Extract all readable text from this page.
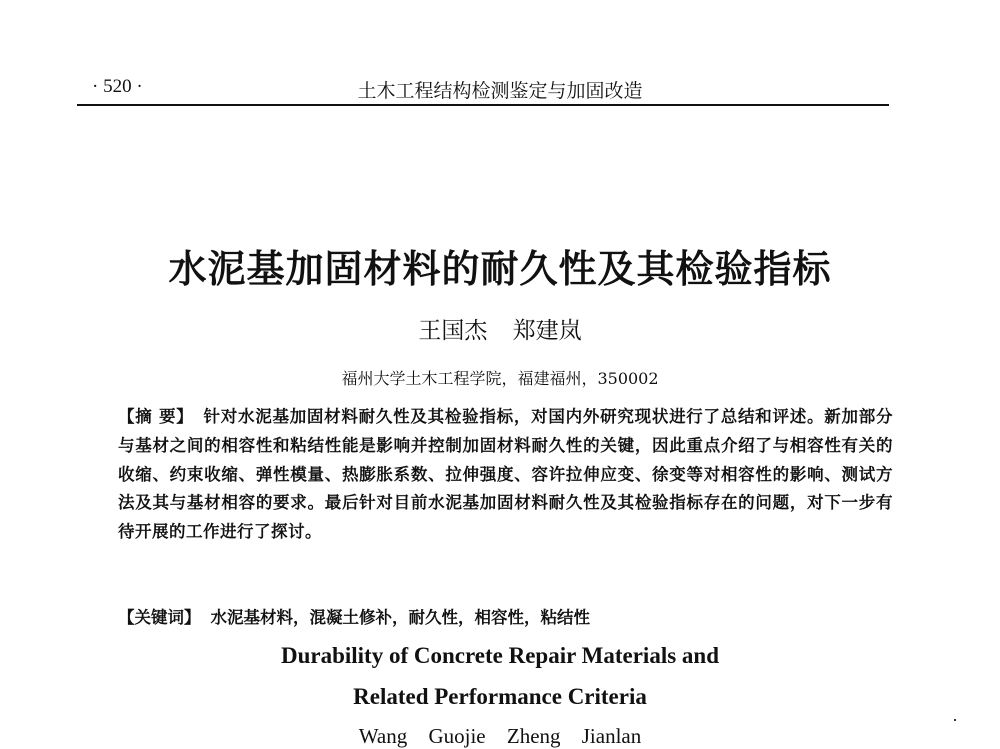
· 520 ·	土木工程结构检测鉴定与加固改造
水泥基加固材料的耐久性及其检验指标
王国杰 郑建岚
福州大学土木工程学院，福建福州，350002

【摘 要】 针对水泥基加固材料耐久性及其检验指标，对国内外研究现状进行了总结和评述。新加部分与基材之间的相容性和粘结性能是影响并控制加固材料耐久性的关键，因此重点介绍了与相容性有关的收缩、约束收缩、弹性模量、热膨胀系数、拉伸强度、容许拉伸应变、徐变等对相容性的影响、测试方法及其与基材相容的要求。最后针对目前水泥基加固材料耐久性及其检验指标存在的问题，对下一步有待开展的工作进行了探讨。

【关键词】 水泥基材料，混凝土修补，耐久性，相容性，粘结性

Durability of Concrete Repair Materials and
Related Performance Criteria
Wang Guojie Zheng Jianlan
